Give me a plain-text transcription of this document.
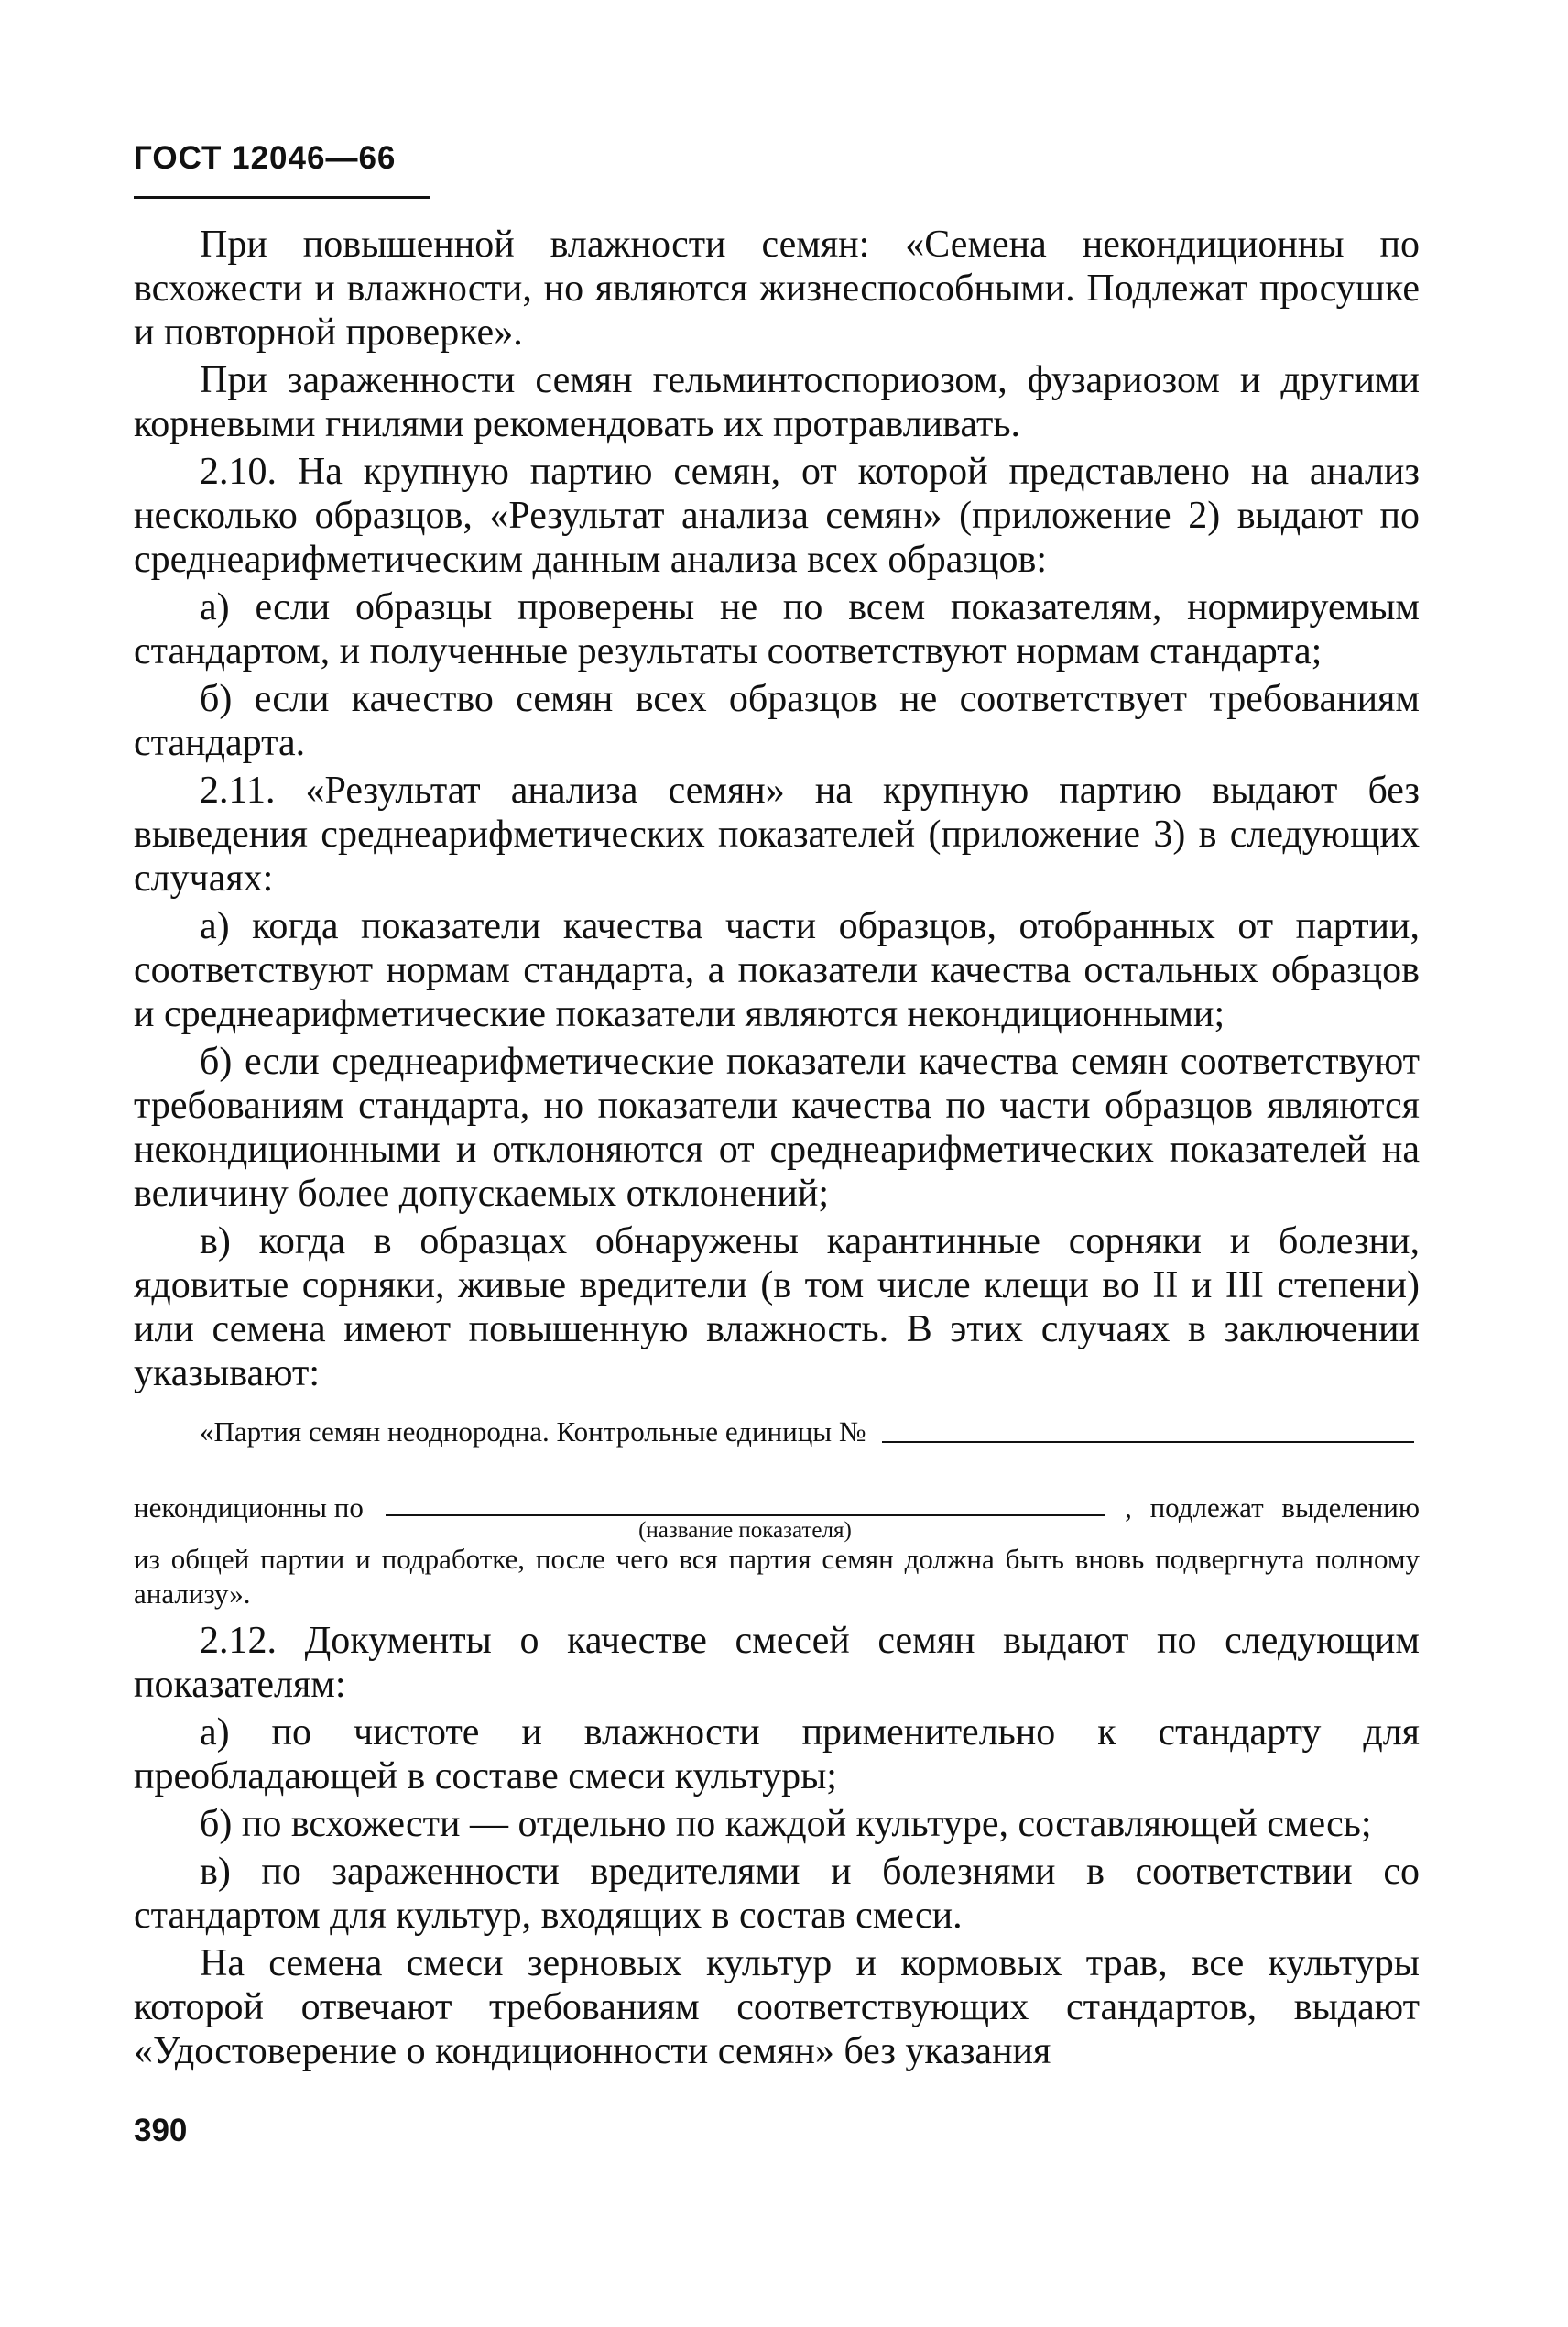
ГОСТ 12046—66

При повышенной влажности семян: «Семена некондиционны по всхожести и влажности, но являются жизнеспособными. Подлежат просушке и повторной проверке».

При зараженности семян гельминтоспориозом, фузариозом и другими корневыми гнилями рекомендовать их протравливать.

2.10. На крупную партию семян, от которой представлено на анализ несколько образцов, «Результат анализа семян» (приложение 2) выдают по среднеарифметическим данным анализа всех образцов:

а) если образцы проверены не по всем показателям, нормируемым стандартом, и полученные результаты соответствуют нормам стандарта;

б) если качество семян всех образцов не соответствует требованиям стандарта.

2.11. «Результат анализа семян» на крупную партию выдают без выведения среднеарифметических показателей (приложение 3) в следующих случаях:

а) когда показатели качества части образцов, отобранных от партии, соответствуют нормам стандарта, а показатели качества остальных образцов и среднеарифметические показатели являются некондиционными;

б) если среднеарифметические показатели качества семян соответствуют требованиям стандарта, но показатели качества по части образцов являются некондиционными и отклоняются от среднеарифметических показателей на величину более допускаемых отклонений;

в) когда в образцах обнаружены карантинные сорняки и болезни, ядовитые сорняки, живые вредители (в том числе клещи во II и III степени) или семена имеют повышенную влажность. В этих случаях в заключении указывают:

«Партия семян неоднородна. Контрольные единицы №
некондиционны по
(название показателя)
, подлежат выделению

из общей партии и подработке, после чего вся партия семян должна быть вновь подвергнута полному анализу».

2.12. Документы о качестве смесей семян выдают по следующим показателям:

а) по чистоте и влажности применительно к стандарту для преобладающей в составе смеси культуры;

б) по всхожести — отдельно по каждой культуре, составляющей смесь;

в) по зараженности вредителями и болезнями в соответствии со стандартом для культур, входящих в состав смеси.

На семена смеси зерновых культур и кормовых трав, все культуры которой отвечают требованиям соответствующих стандартов, выдают «Удостоверение о кондиционности семян» без указания

390
